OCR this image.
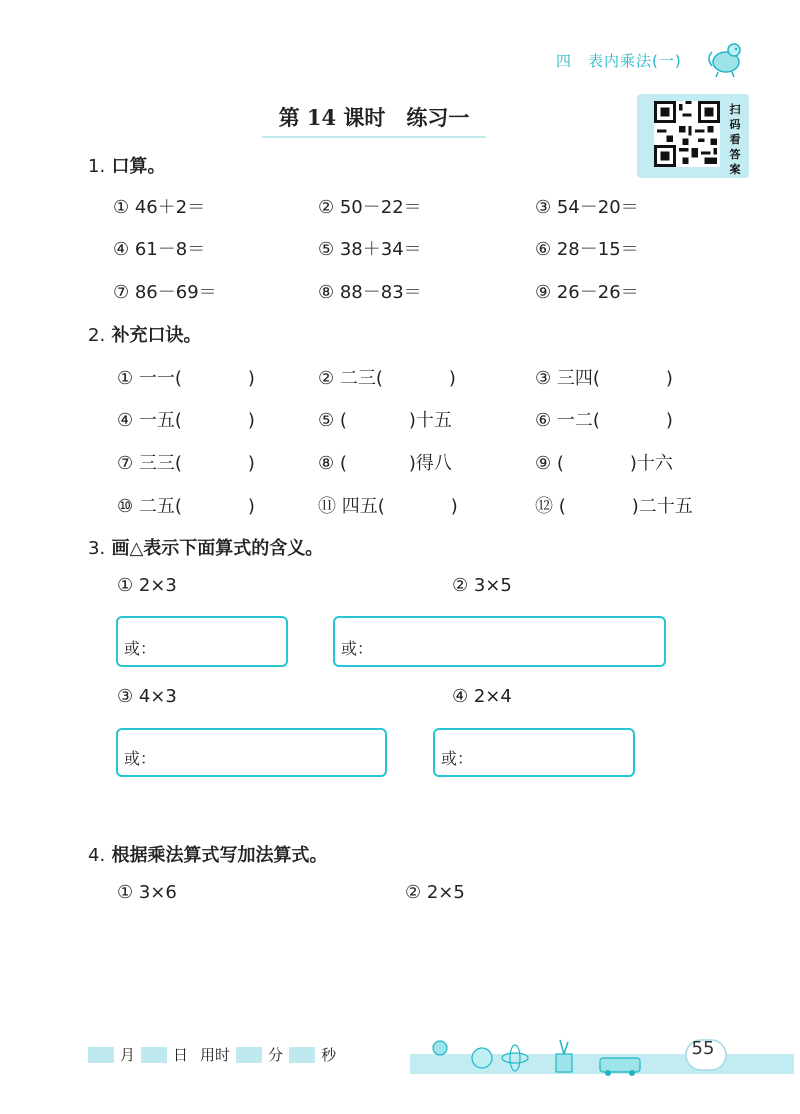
四　表内乘法(一)
第 14 课时　练习一	扫
码
看
答
案
1. 口算。
① 46＋2＝	② 50－22＝	③ 54－20＝
④ 61－8＝	⑤ 38＋34＝	⑥ 28－15＝
⑦ 86－69＝	⑧ 88－83＝	⑨ 26－26＝
2. 补充口诀。
① 一一(	)	② 二三(	)	③ 三四(	)
④ 一五(	)	⑤ (	)十五	⑥ 一二(	)
⑦ 三三(	)	⑧ (	)得八	⑨ (	)十六
⑩ 二五(	)	⑪ 四五(	)	⑫ (	)二十五
3. 画△表示下面算式的含义。
① 2×3	② 3×5
或：	或：
③ 4×3	④ 2×4
或：	或：
4. 根据乘法算式写加法算式。
① 3×6	② 2×5
月	日 用时	分	秒	55
